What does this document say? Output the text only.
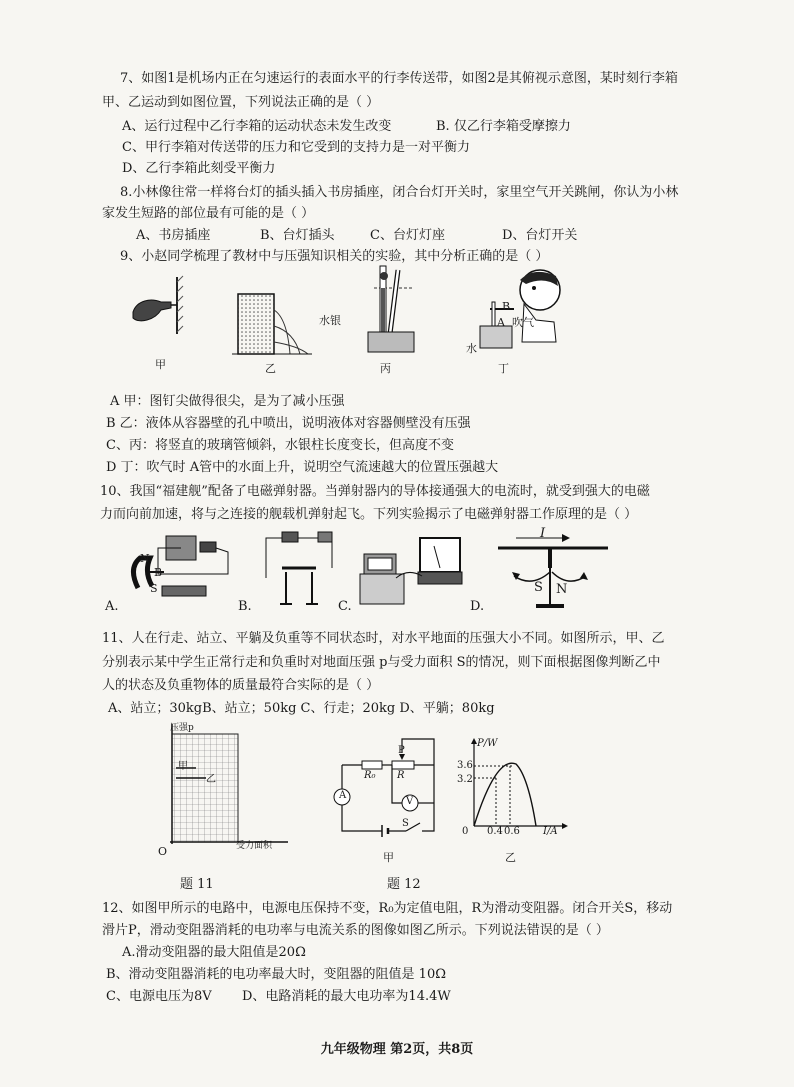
7、如图1是机场内正在匀速运行的表面水平的行李传送带，如图2是其俯视示意图，某时刻行李箱
甲、乙运动到如图位置，下列说法正确的是（ ）
A、运行过程中乙行李箱的运动状态未发生改变	B. 仅乙行李箱受摩擦力
C、甲行李箱对传送带的压力和它受到的支持力是一对平衡力
D、乙行李箱此刻受平衡力
8.小林像往常一样将台灯的插头插入书房插座，闭合台灯开关时，家里空气开关跳闸，你认为小林
家发生短路的部位最有可能的是（ ）
A、书房插座	B、台灯插头	C、台灯灯座	D、台灯开关
9、小赵同学梳理了教材中与压强知识相关的实验，其中分析正确的是（ ）
甲	乙
水银
丙
B
A 吹气
水
丁
A 甲：图钉尖做得很尖，是为了减小压强
B 乙：液体从容器壁的孔中喷出，说明液体对容器侧壁没有压强
C、丙：将竖直的玻璃管倾斜，水银柱长度变长，但高度不变
D 丁：吹气时 A管中的水面上升，说明空气流速越大的位置压强越大
10、我国“福建舰”配备了电磁弹射器。当弹射器内的导体接通强大的电流时，就受到强大的电磁
力而向前加速，将与之连接的舰载机弹射起飞。下列实验揭示了电磁弹射器工作原理的是（ ）
N
S
B
A.	B.	C.
S N
I
D.
11、人在行走、站立、平躺及负重等不同状态时，对水平地面的压强大小不同。如图所示，甲、乙
分别表示某中学生正常行走和负重时对地面压强 p与受力面积 S的情况，则下面根据图像判断乙中
人的状态及负重物体的质量最符合实际的是（ ）
A、站立；30kgB、站立；50kg C、行走；20kg D、平躺；80kg
压强p
受力面积
O
甲
乙
题 11
R₀ R
P
A
V
S
甲
题 12
P/W
3.6
3.2
0 0.4 0.6 I/A
乙
12、如图甲所示的电路中，电源电压保持不变，R₀为定值电阻，R为滑动变阻器。闭合开关S，移动
滑片P，滑动变阻器消耗的电功率与电流关系的图像如图乙所示。下列说法错误的是（ ）
A.滑动变阻器的最大阻值是20Ω
B、滑动变阻器消耗的电功率最大时，变阻器的阻值是 10Ω
C、电源电压为8V D、电路消耗的最大电功率为14.4W
九年级物理 第2页，共8页
